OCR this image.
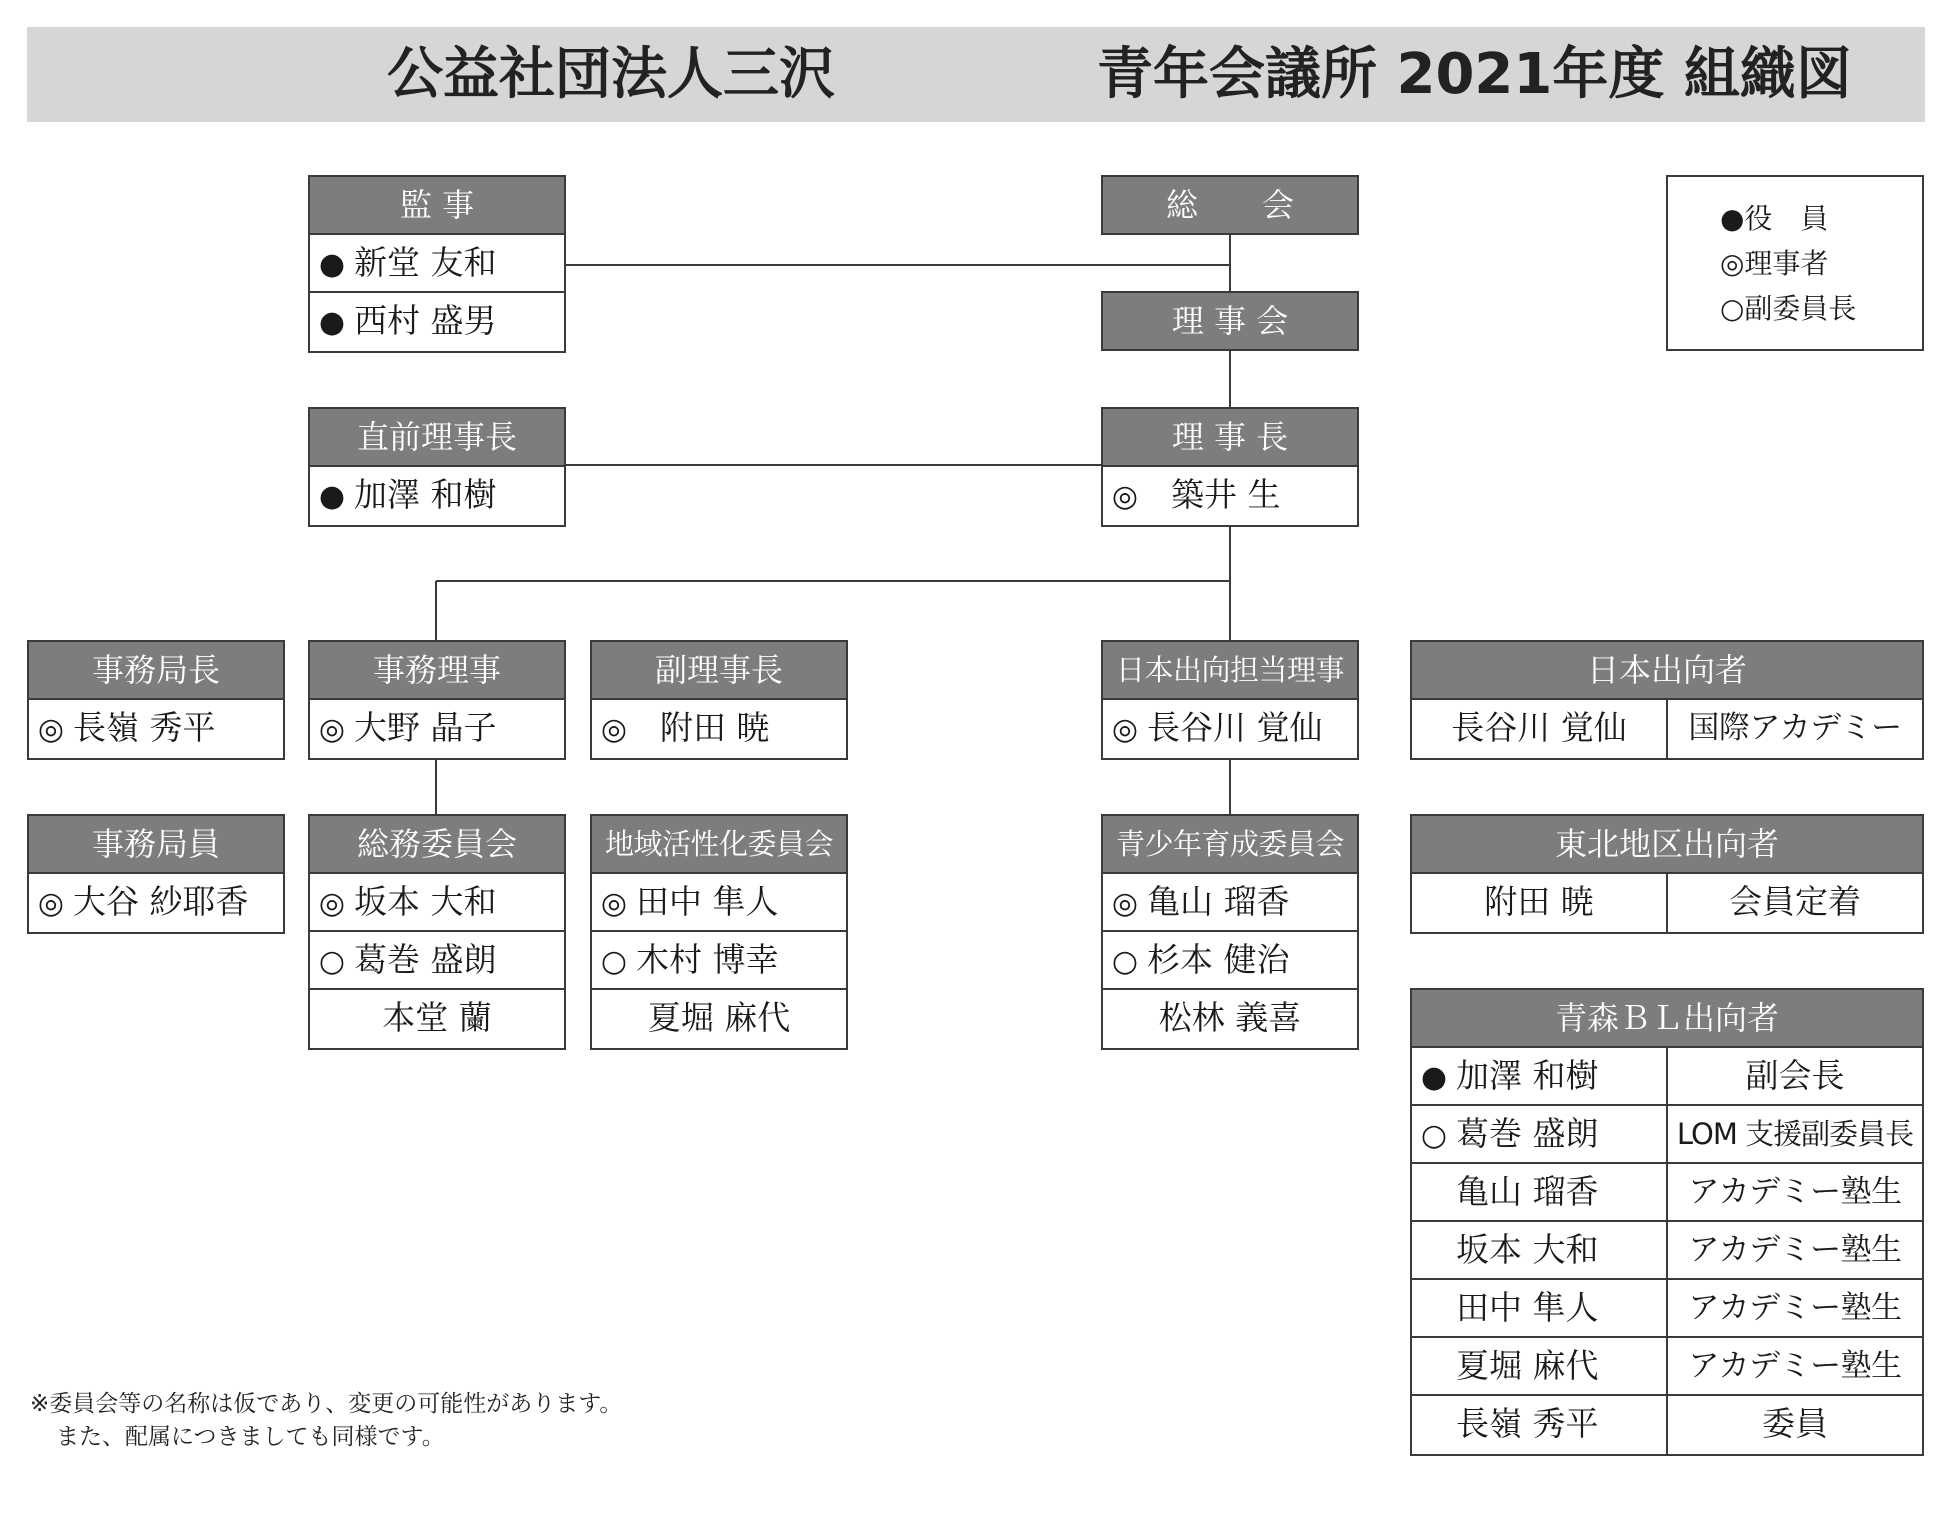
公益社団法人三沢	青年会議所 2021年度 組織図
監 事
● 新堂 友和
● 西村 盛男
総　　会
理 事 会
直前理事長
● 加澤 和樹
理 事 長
◎ 築井 生
●役　員
◎理事者
○副委員長
事務局長
◎ 長嶺 秀平
事務理事
◎ 大野 晶子
副理事長
◎ 附田 暁
日本出向担当理事
◎ 長谷川 覚仙
日本出向者
長谷川 覚仙	国際アカデミー
事務局員
◎ 大谷 紗耶香
総務委員会
◎ 坂本 大和
○ 葛巻 盛朗
本堂 蘭
地域活性化委員会
◎ 田中 隼人
○ 木村 博幸
夏堀 麻代
青少年育成委員会
◎ 亀山 瑠香
○ 杉本 健治
松林 義喜
東北地区出向者
附田 暁	会員定着
青森ＢＬ出向者
● 加澤 和樹	副会長
○ 葛巻 盛朗	LOM 支援副委員長
亀山 瑠香	アカデミー塾生
坂本 大和	アカデミー塾生
田中 隼人	アカデミー塾生
夏堀 麻代	アカデミー塾生
長嶺 秀平	委員
※委員会等の名称は仮であり、変更の可能性があります。
また、配属につきましても同様です。
